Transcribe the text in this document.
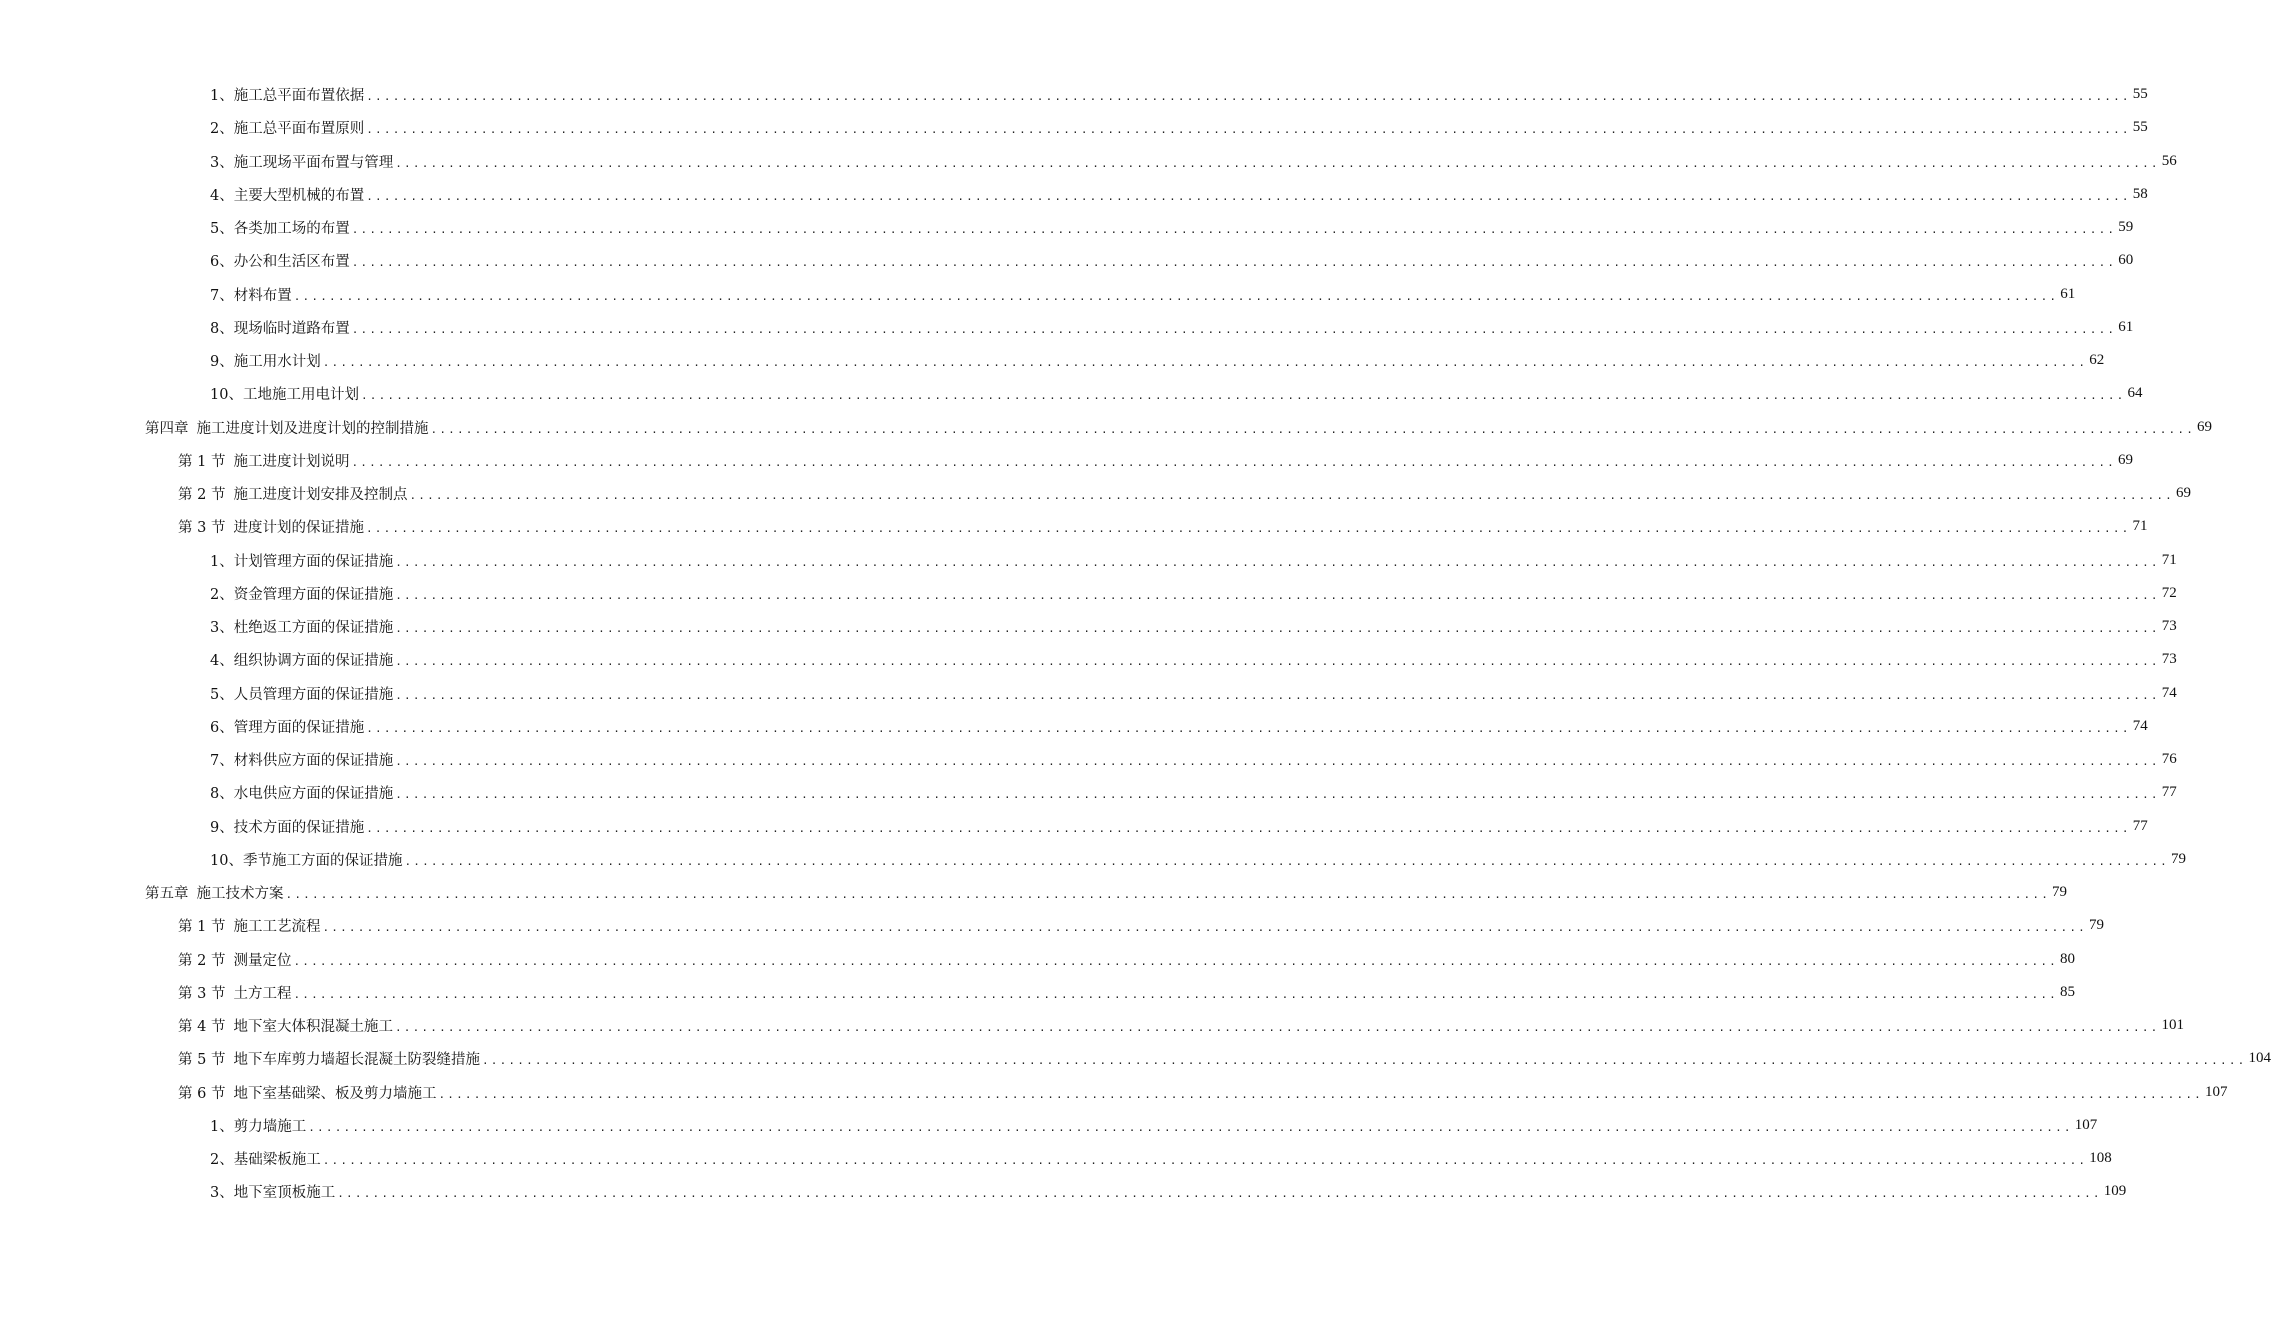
1、 施工总平面布置依据 ........................................................................................................................................................................................................ 55
2、 施工总平面布置原则 ........................................................................................................................................................................................................ 55
3、 施工现场平面布置与管理 ........................................................................................................................................................................................................ 56
4、 主要大型机械的布置 ........................................................................................................................................................................................................ 58
5、 各类加工场的布置 ........................................................................................................................................................................................................ 59
6、 办公和生活区布置 ........................................................................................................................................................................................................ 60
7、 材料布置 ........................................................................................................................................................................................................ 61
8、 现场临时道路布置 ........................................................................................................................................................................................................ 61
9、 施工用水计划 ........................................................................................................................................................................................................ 62
10、 工地施工用电计划 ........................................................................................................................................................................................................ 64
第四章 施工进度计划及进度计划的控制措施 ........................................................................................................................................................................................................ 69
第 1 节 施工进度计划说明 ........................................................................................................................................................................................................ 69
第 2 节 施工进度计划安排及控制点 ........................................................................................................................................................................................................ 69
第 3 节 进度计划的保证措施 ........................................................................................................................................................................................................ 71
1、 计划管理方面的保证措施 ........................................................................................................................................................................................................ 71
2、 资金管理方面的保证措施 ........................................................................................................................................................................................................ 72
3、 杜绝返工方面的保证措施 ........................................................................................................................................................................................................ 73
4、 组织协调方面的保证措施 ........................................................................................................................................................................................................ 73
5、 人员管理方面的保证措施 ........................................................................................................................................................................................................ 74
6、 管理方面的保证措施 ........................................................................................................................................................................................................ 74
7、 材料供应方面的保证措施 ........................................................................................................................................................................................................ 76
8、 水电供应方面的保证措施 ........................................................................................................................................................................................................ 77
9、 技术方面的保证措施 ........................................................................................................................................................................................................ 77
10、 季节施工方面的保证措施 ........................................................................................................................................................................................................ 79
第五章 施工技术方案 ........................................................................................................................................................................................................ 79
第 1 节 施工工艺流程 ........................................................................................................................................................................................................ 79
第 2 节 测量定位 ........................................................................................................................................................................................................ 80
第 3 节 土方工程 ........................................................................................................................................................................................................ 85
第 4 节 地下室大体积混凝土施工 ........................................................................................................................................................................................................ 101
第 5 节 地下车库剪力墙超长混凝土防裂缝措施 ........................................................................................................................................................................................................ 104
第 6 节 地下室基础梁、板及剪力墙施工 ........................................................................................................................................................................................................ 107
1、 剪力墙施工 ........................................................................................................................................................................................................ 107
2、 基础梁板施工 ........................................................................................................................................................................................................ 108
3、 地下室顶板施工 ........................................................................................................................................................................................................ 109
